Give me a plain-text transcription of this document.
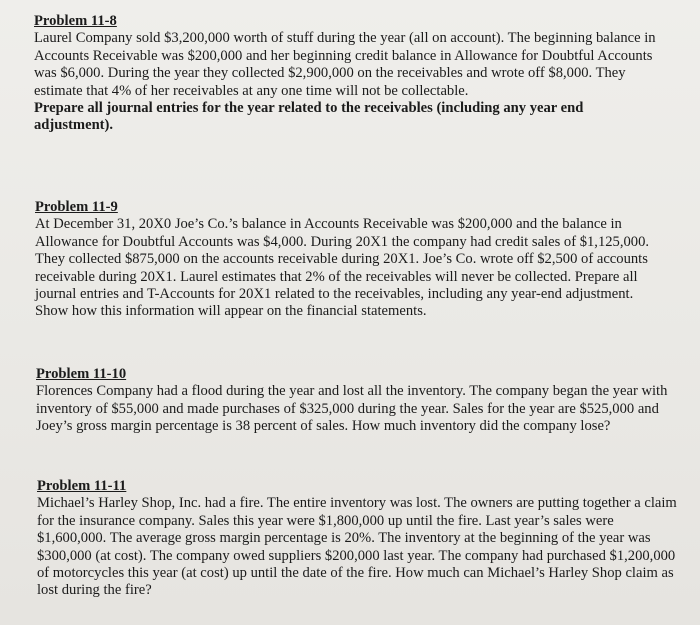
Problem 11-8
Laurel Company sold $3,200,000 worth of stuff during the year (all on account). The beginning balance in Accounts Receivable was $200,000 and her beginning credit balance in Allowance for Doubtful Accounts was $6,000. During the year they collected $2,900,000 on the receivables and wrote off $8,000. They estimate that 4% of her receivables at any one time will not be collectable.
Prepare all journal entries for the year related to the receivables (including any year end adjustment).
Problem 11-9
At December 31, 20X0 Joe’s Co.’s balance in Accounts Receivable was $200,000 and the balance in Allowance for Doubtful Accounts was $4,000. During 20X1 the company had credit sales of $1,125,000. They collected $875,000 on the accounts receivable during 20X1. Joe’s Co. wrote off $2,500 of accounts receivable during 20X1. Laurel estimates that 2% of the receivables will never be collected. Prepare all journal entries and T-Accounts for 20X1 related to the receivables, including any year-end adjustment. Show how this information will appear on the financial statements.
Problem 11-10
Florences Company had a flood during the year and lost all the inventory. The company began the year with inventory of $55,000 and made purchases of $325,000 during the year. Sales for the year are $525,000 and Joey’s gross margin percentage is 38 percent of sales. How much inventory did the company lose?
Problem 11-11
Michael’s Harley Shop, Inc. had a fire. The entire inventory was lost. The owners are putting together a claim for the insurance company. Sales this year were $1,800,000 up until the fire. Last year’s sales were $1,600,000. The average gross margin percentage is 20%. The inventory at the beginning of the year was $300,000 (at cost). The company owed suppliers $200,000 last year. The company had purchased $1,200,000 of motorcycles this year (at cost) up until the date of the fire. How much can Michael’s Harley Shop claim as lost during the fire?
